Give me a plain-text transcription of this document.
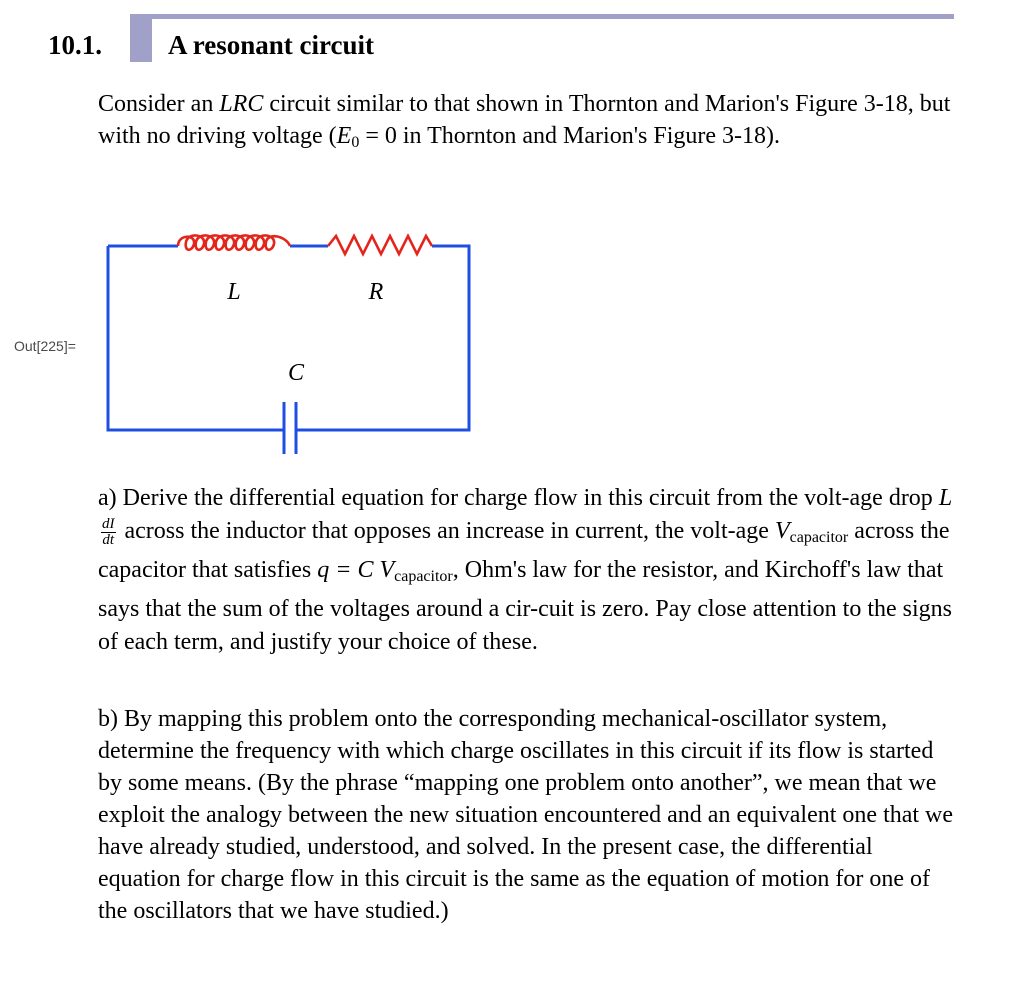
10.1. A resonant circuit
Consider an LRC circuit similar to that shown in Thornton and Marion's Figure 3-18, but with no driving voltage ($E_0 = 0$ in Thornton and Marion's Figure 3-18).
Out[225]=
L	R
C
a) Derive the differential equation for charge flow in this circuit from the volt-age drop L
$\frac{dI}{dt}$ across the inductor that opposes an increase in current, the volt-age $V_{capacitor}$ across the capacitor that satisfies q = C $V_{capacitor}$, Ohm's law for the resistor, and Kirchoff's law that says that the sum of the voltages around a cir-cuit is zero. Pay close attention to the signs of each term, and justify your choice of these.
b) By mapping this problem onto the corresponding mechanical-oscillator system, determine the frequency with which charge oscillates in this circuit if its flow is started by some means. (By the phrase “mapping one problem onto another”, we mean that we exploit the analogy between the new situation encountered and an equivalent one that we have already studied, understood, and solved. In the present case, the differential equation for charge flow in this circuit is the same as the equation of motion for one of the oscillators that we have studied.)
